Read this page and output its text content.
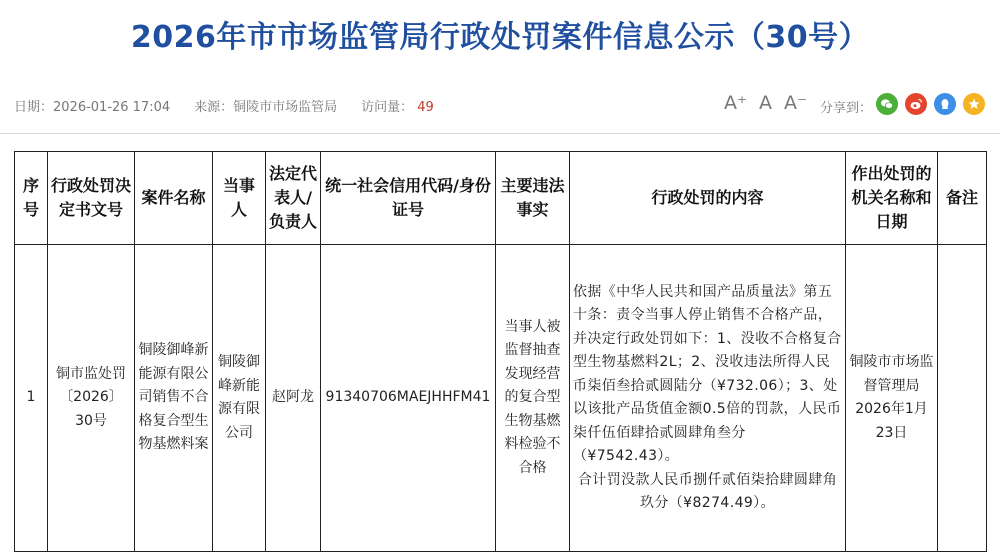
2026年市市场监管局行政处罚案件信息公示（30号）
日期：2026-01-26 17:04 来源：铜陵市市场监管局 访问量： 49	A⁺ A A⁻ 分享到：
序号	行政处罚决定书文号	案件名称	当事人	法定代表人/负责人	统一社会信用代码/身份证号	主要违法事实	行政处罚的内容	作出处罚的机关名称和日期	备注
1	铜市监处罚〔2026〕30号	铜陵御峰新能源有限公司销售不合格复合型生物基燃料案	铜陵御峰新能源有限公司	赵阿龙	91340706MAEJHHFM41	当事人被监督抽查发现经营的复合型生物基燃料检验不合格	依据《中华人民共和国产品质量法》第五十条：责令当事人停止销售不合格产品，并决定行政处罚如下：1、没收不合格复合型生物基燃料2L；2、没收违法所得人民币柒佰叁拾贰圆陆分（¥732.06）；3、处以该批产品货值金额0.5倍的罚款，人民币柒仟伍佰肆拾贰圆肆角叁分（¥7542.43）。

合计罚没款人民币捌仟贰佰柒拾肆圆肆角玖分（¥8274.49）。	铜陵市市场监督管理局2026年1月23日	
